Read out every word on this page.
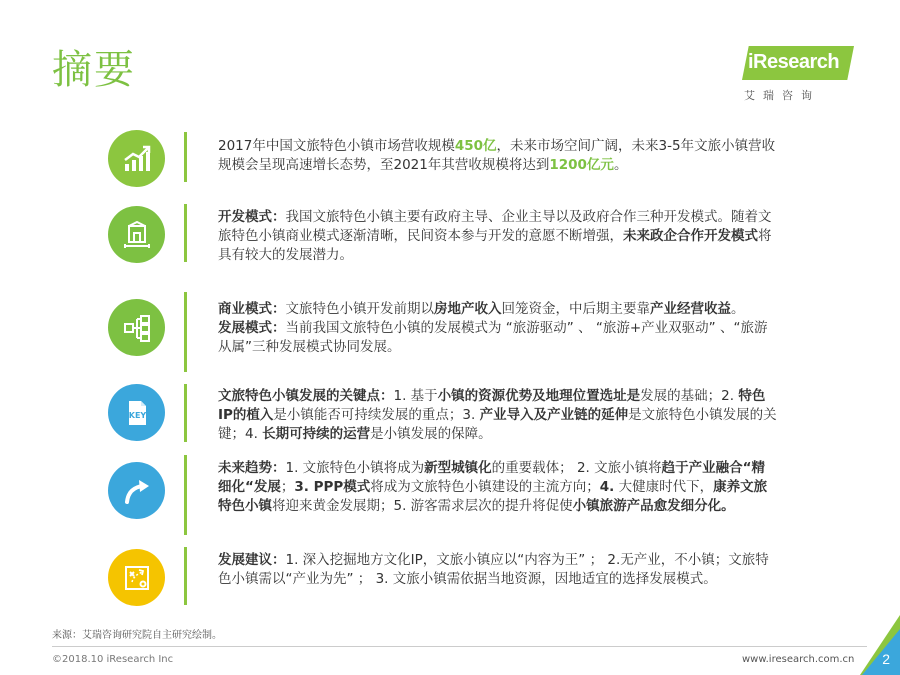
摘要	iResearch
艾瑞咨询
2017年中国文旅特色小镇市场营收规模450亿，未来市场空间广阔，未来3-5年文旅小镇营收规模会呈现高速增长态势，至2021年其营收规模将达到1200亿元。
开发模式：我国文旅特色小镇主要有政府主导、企业主导以及政府合作三种开发模式。随着文旅特色小镇商业模式逐渐清晰，民间资本参与开发的意愿不断增强，未来政企合作开发模式将具有较大的发展潜力。
商业模式：文旅特色小镇开发前期以房地产收入回笼资金，中后期主要靠产业经营收益。
发展模式：当前我国文旅特色小镇的发展模式为 “旅游驱动” 、 “旅游+产业双驱动” 、“旅游从属”三种发展模式协同发展。
KEY
文旅特色小镇发展的关键点：1. 基于小镇的资源优势及地理位置选址是发展的基础；2. 特色IP的植入是小镇能否可持续发展的重点；3. 产业导入及产业链的延伸是文旅特色小镇发展的关键；4. 长期可持续的运营是小镇发展的保障。
未来趋势：1. 文旅特色小镇将成为新型城镇化的重要载体； 2. 文旅小镇将趋于产业融合“精细化“发展；3. PPP模式将成为文旅特色小镇建设的主流方向；4. 大健康时代下，康养文旅特色小镇将迎来黄金发展期；5. 游客需求层次的提升将促使小镇旅游产品愈发细分化。
发展建议：1. 深入挖掘地方文化IP，文旅小镇应以“内容为王” ； 2.无产业，不小镇；文旅特色小镇需以“产业为先” ； 3. 文旅小镇需依据当地资源，因地适宜的选择发展模式。
来源：艾瑞咨询研究院自主研究绘制。
©2018.10 iResearch Inc	www.iresearch.com.cn 2
